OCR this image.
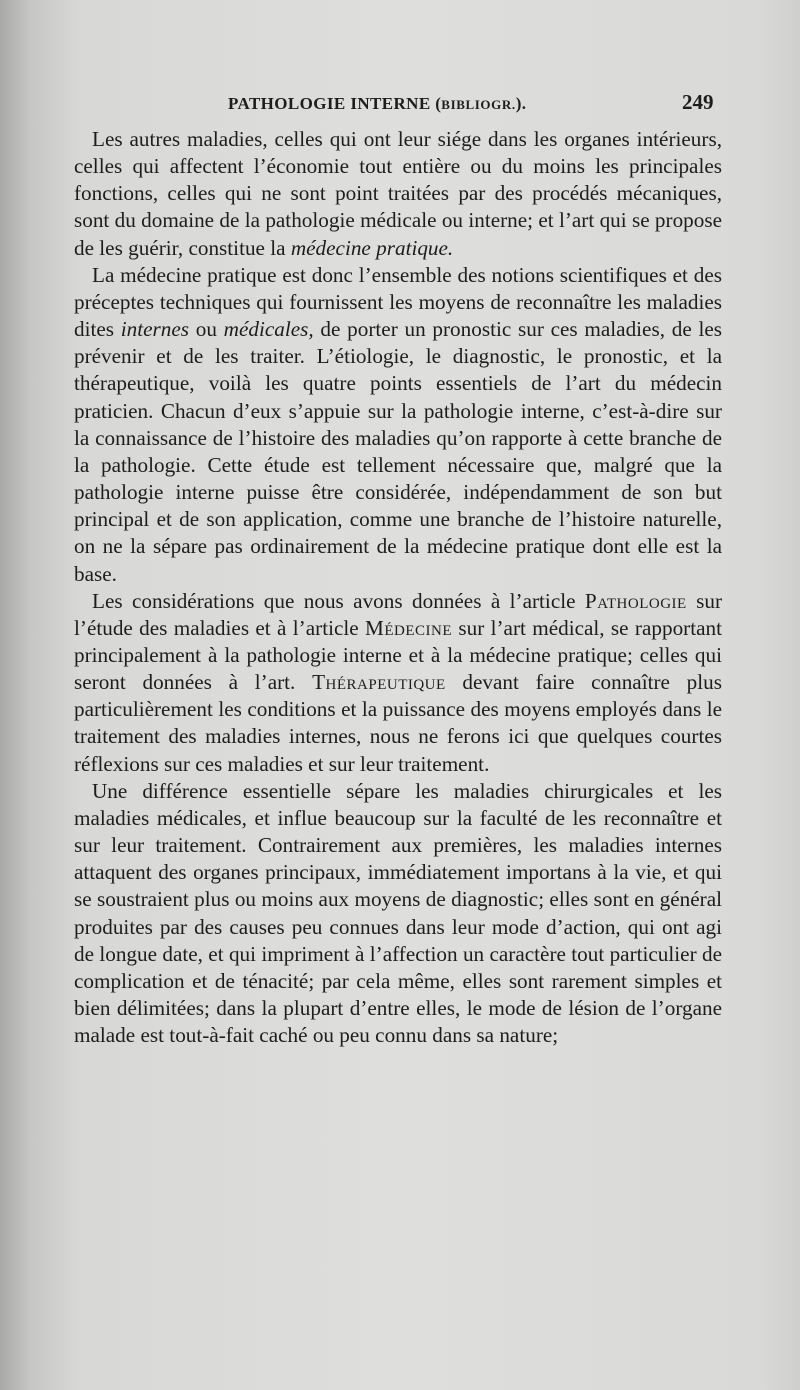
PATHOLOGIE INTERNE (BIBLIOGR.).	249

Les autres maladies, celles qui ont leur siége dans les organes intérieurs, celles qui affectent l’économie tout entière ou du moins les principales fonctions, celles qui ne sont point traitées par des procédés mécaniques, sont du domaine de la pathologie médicale ou interne; et l’art qui se propose de les guérir, constitue la médecine pratique.

La médecine pratique est donc l’ensemble des notions scientifiques et des préceptes techniques qui fournissent les moyens de reconnaître les maladies dites internes ou médicales, de porter un pronostic sur ces maladies, de les prévenir et de les traiter. L’étiologie, le diagnostic, le pronostic, et la thérapeutique, voilà les quatre points essentiels de l’art du médecin praticien. Chacun d’eux s’appuie sur la pathologie interne, c’est-à-dire sur la connaissance de l’histoire des maladies qu’on rapporte à cette branche de la pathologie. Cette étude est tellement nécessaire que, malgré que la pathologie interne puisse être considérée, indépendamment de son but principal et de son application, comme une branche de l’histoire naturelle, on ne la sépare pas ordinairement de la médecine pratique dont elle est la base.

Les considérations que nous avons données à l’article Pathologie sur l’étude des maladies et à l’article Médecine sur l’art médical, se rapportant principalement à la pathologie interne et à la médecine pratique; celles qui seront données à l’art. Thérapeutique devant faire connaître plus particulièrement les conditions et la puissance des moyens employés dans le traitement des maladies internes, nous ne ferons ici que quelques courtes réflexions sur ces maladies et sur leur traitement.

Une différence essentielle sépare les maladies chirurgicales et les maladies médicales, et influe beaucoup sur la faculté de les reconnaître et sur leur traitement. Contrairement aux premières, les maladies internes attaquent des organes principaux, immédiatement importans à la vie, et qui se soustraient plus ou moins aux moyens de diagnostic; elles sont en général produites par des causes peu connues dans leur mode d’action, qui ont agi de longue date, et qui impriment à l’affection un caractère tout particulier de complication et de ténacité; par cela même, elles sont rarement simples et bien délimitées; dans la plupart d’entre elles, le mode de lésion de l’organe malade est tout-à-fait caché ou peu connu dans sa nature;
